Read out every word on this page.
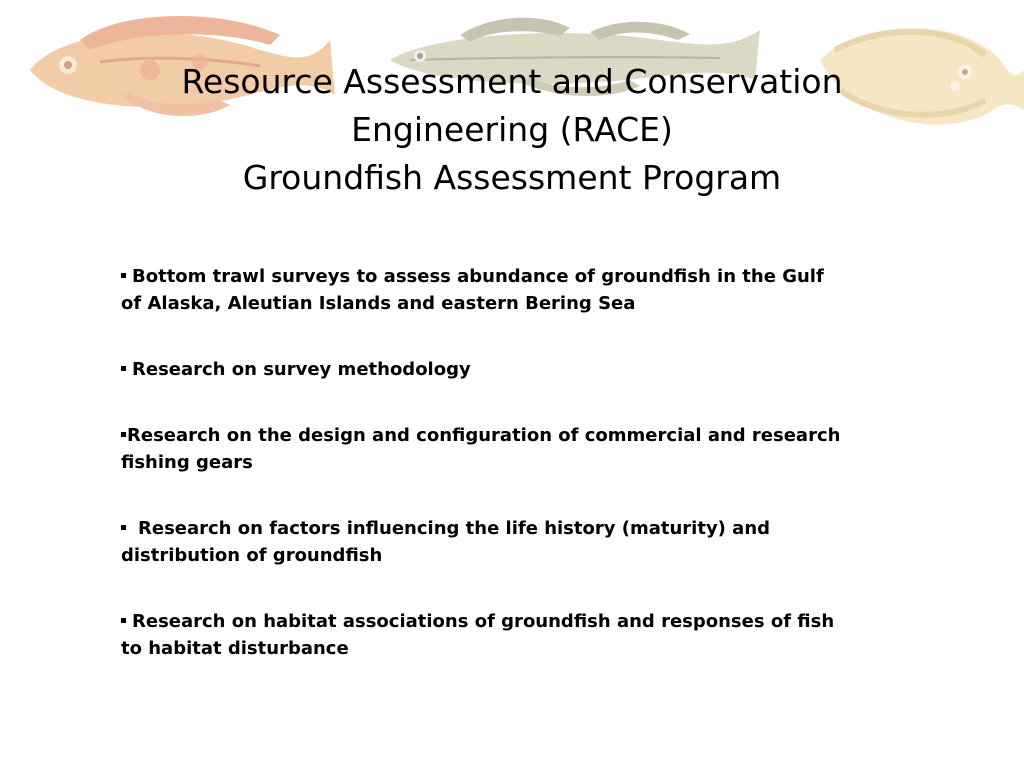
Resource Assessment and Conservation
Engineering (RACE)
Groundfish Assessment Program
Bottom trawl surveys to assess abundance of groundfish in the Gulf of Alaska, Aleutian Islands and eastern Bering Sea
Research on survey methodology
Research on the design and configuration of commercial and research fishing gears
Research on factors influencing the life history (maturity) and distribution of groundfish
Research on habitat associations of groundfish and responses of fish to habitat disturbance
